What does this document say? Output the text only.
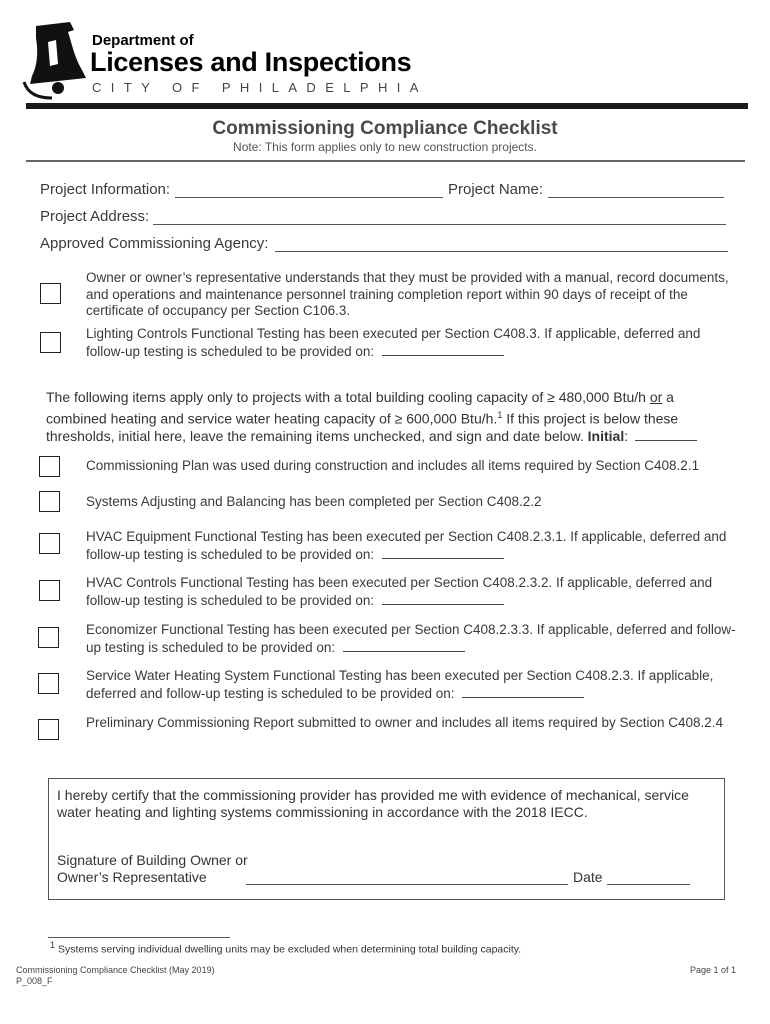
Department of
Licenses and Inspections
CITY OF PHILADELPHIA
Commissioning Compliance Checklist
Note: This form applies only to new construction projects.
Project Information:	Project Name:
Project Address:
Approved Commissioning Agency:
Owner or owner’s representative understands that they must be provided with a manual, record documents, and operations and maintenance personnel training completion report within 90 days of receipt of the certificate of occupancy per Section C106.3.
Lighting Controls Functional Testing has been executed per Section C408.3. If applicable, deferred and follow-up testing is scheduled to be provided on:
The following items apply only to projects with a total building cooling capacity of ≥ 480,000 Btu/h or a combined heating and service water heating capacity of ≥ 600,000 Btu/h.$^1$ If this project is below these thresholds, initial here, leave the remaining items unchecked, and sign and date below. Initial:
Commissioning Plan was used during construction and includes all items required by Section C408.2.1
Systems Adjusting and Balancing has been completed per Section C408.2.2
HVAC Equipment Functional Testing has been executed per Section C408.2.3.1. If applicable, deferred and follow-up testing is scheduled to be provided on:
HVAC Controls Functional Testing has been executed per Section C408.2.3.2. If applicable, deferred and follow-up testing is scheduled to be provided on:
Economizer Functional Testing has been executed per Section C408.2.3.3. If applicable, deferred and follow-up testing is scheduled to be provided on:
Service Water Heating System Functional Testing has been executed per Section C408.2.3. If applicable, deferred and follow-up testing is scheduled to be provided on:
Preliminary Commissioning Report submitted to owner and includes all items required by Section C408.2.4
I hereby certify that the commissioning provider has provided me with evidence of mechanical, service water heating and lighting systems commissioning in accordance with the 2018 IECC.
Signature of Building Owner or
Owner’s Representative	Date
$^1$ Systems serving individual dwelling units may be excluded when determining total building capacity.
Commissioning Compliance Checklist (May 2019)
P_008_F
Page 1 of 1
